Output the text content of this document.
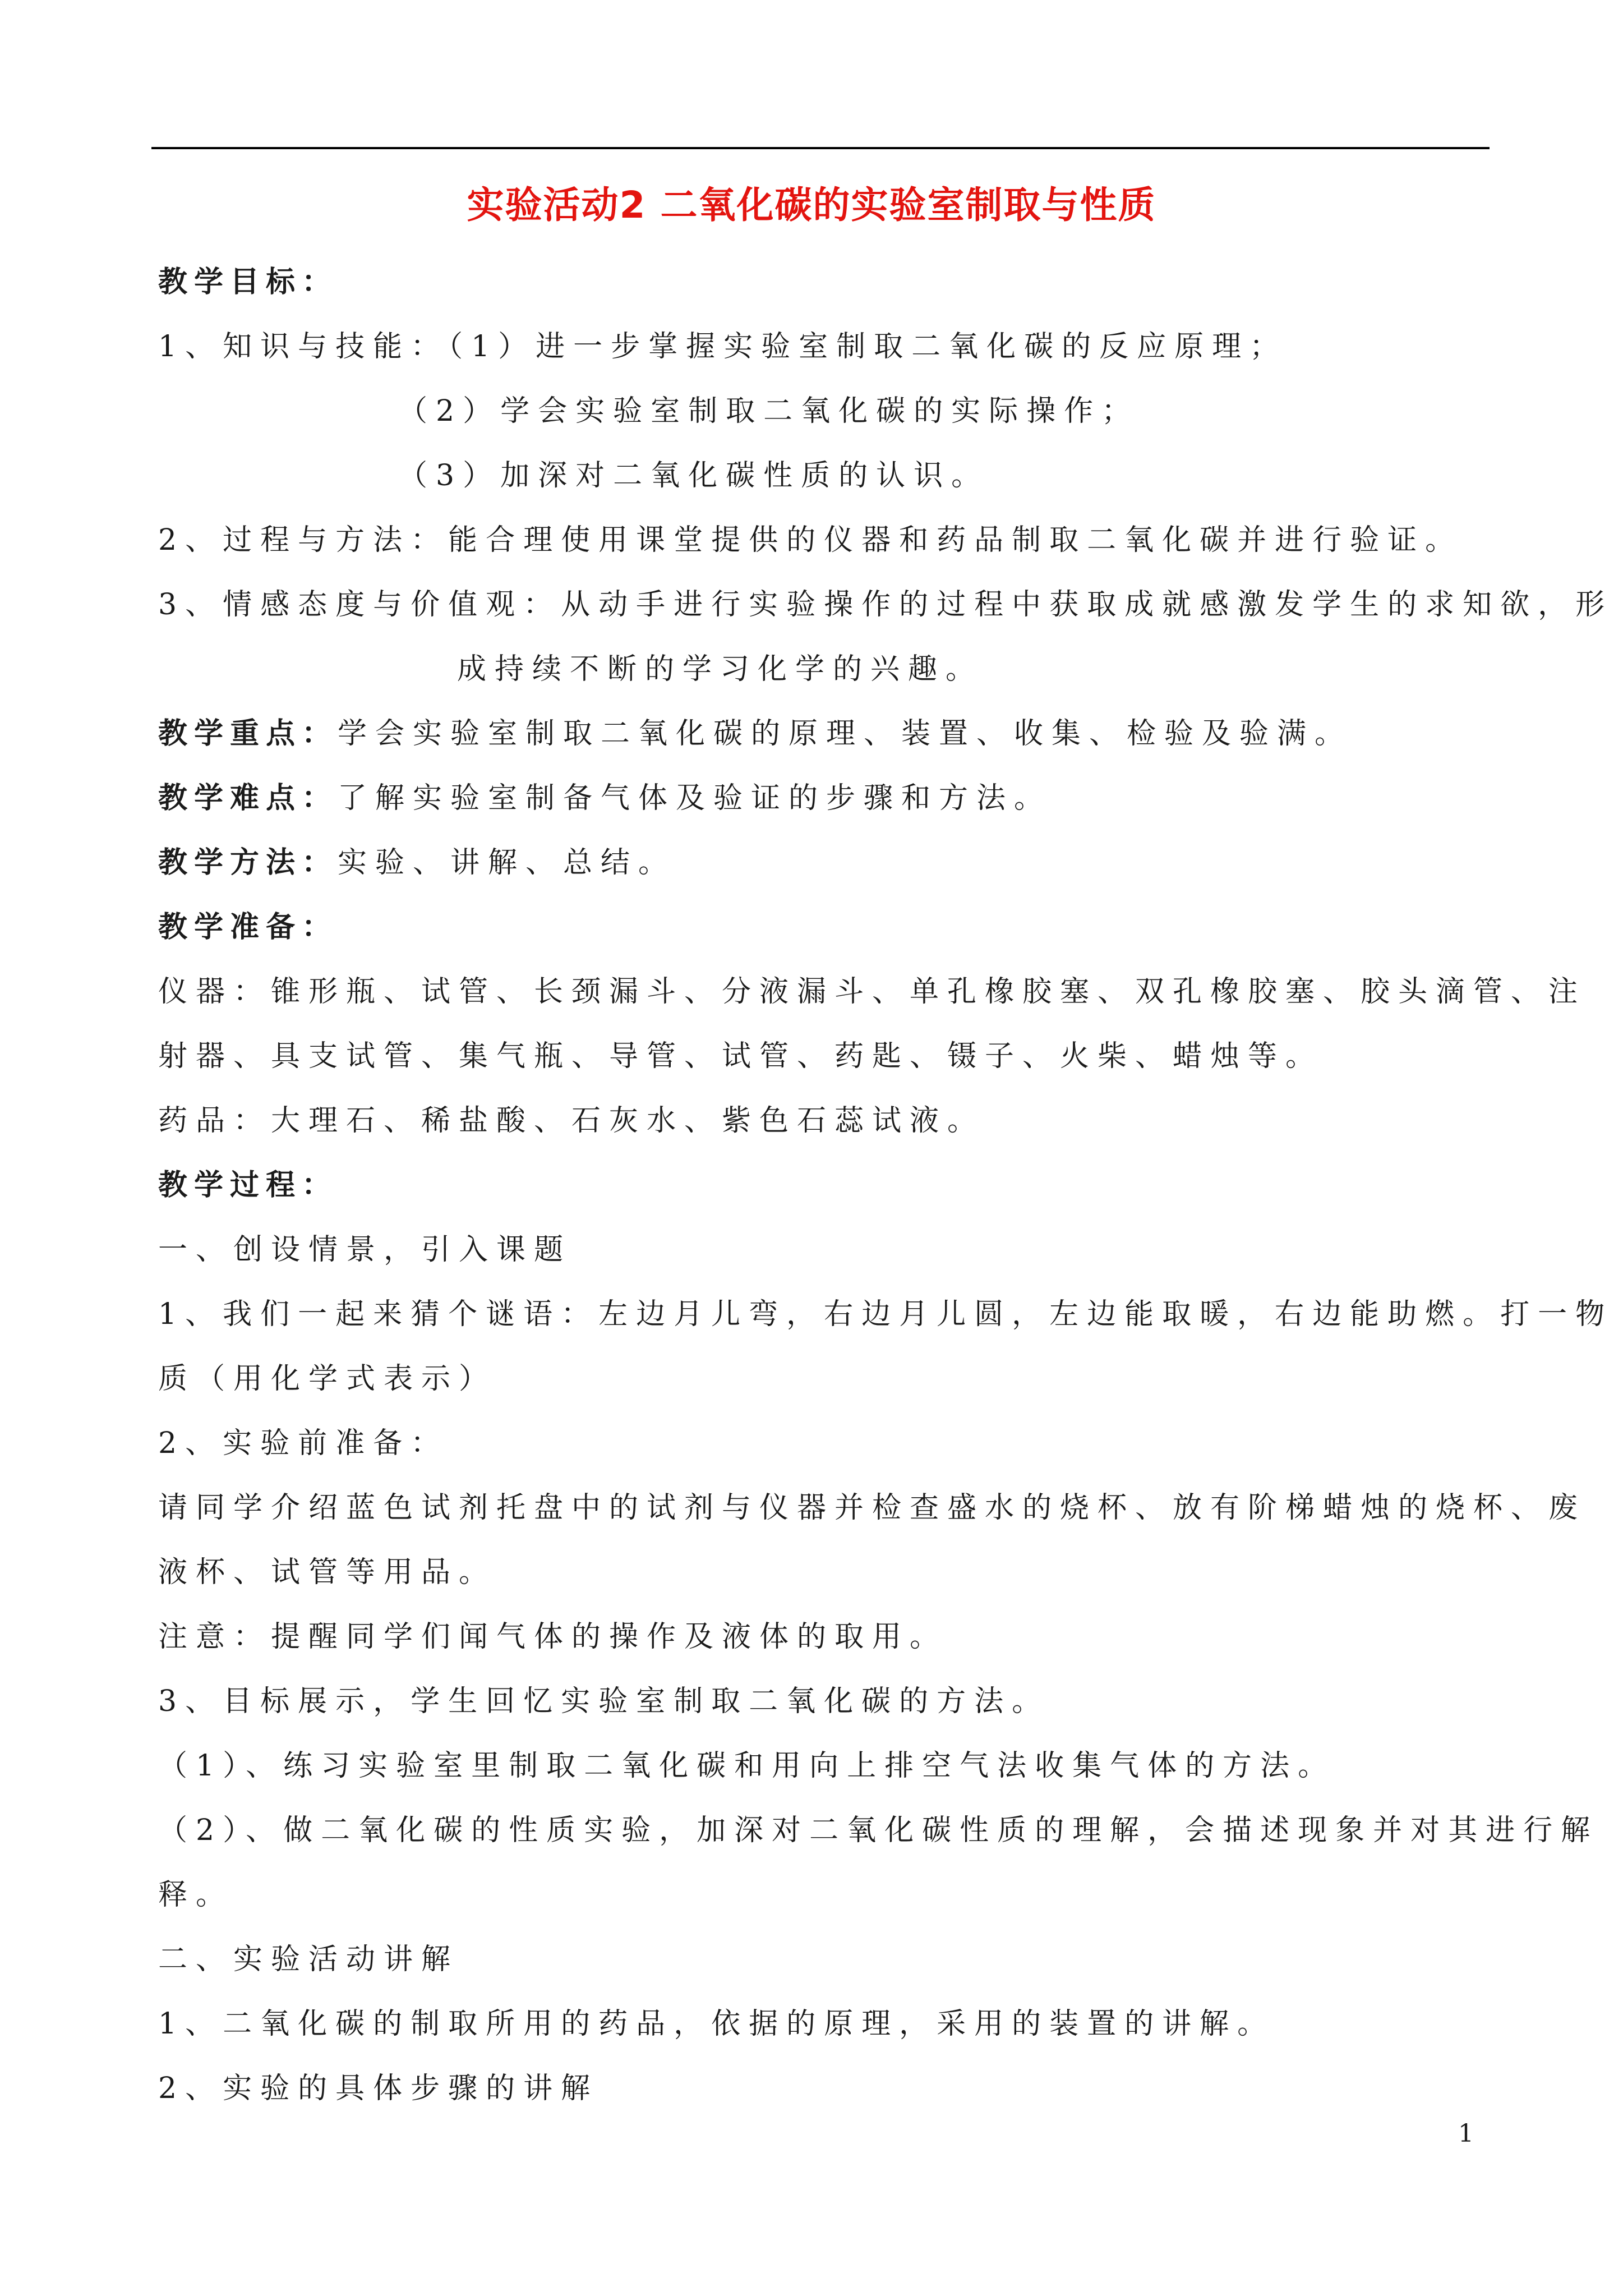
实验活动2 二氧化碳的实验室制取与性质
教学目标：
1、知识与技能：（1）进一步掌握实验室制取二氧化碳的反应原理；
（2）学会实验室制取二氧化碳的实际操作；
（3）加深对二氧化碳性质的认识。
2、过程与方法：能合理使用课堂提供的仪器和药品制取二氧化碳并进行验证。
3、情感态度与价值观：从动手进行实验操作的过程中获取成就感激发学生的求知欲，形
成持续不断的学习化学的兴趣。
教学重点：学会实验室制取二氧化碳的原理、装置、收集、检验及验满。
教学难点：了解实验室制备气体及验证的步骤和方法。
教学方法：实验、讲解、总结。
教学准备：
仪器：锥形瓶、试管、长颈漏斗、分液漏斗、单孔橡胶塞、双孔橡胶塞、胶头滴管、注
射器、具支试管、集气瓶、导管、试管、药匙、镊子、火柴、蜡烛等。
药品：大理石、稀盐酸、石灰水、紫色石蕊试液。
教学过程：
一、创设情景，引入课题
1、我们一起来猜个谜语：左边月儿弯，右边月儿圆，左边能取暖，右边能助燃。打一物
质（用化学式表示）
2、实验前准备：
请同学介绍蓝色试剂托盘中的试剂与仪器并检查盛水的烧杯、放有阶梯蜡烛的烧杯、废
液杯、试管等用品。
注意：提醒同学们闻气体的操作及液体的取用。
3、目标展示，学生回忆实验室制取二氧化碳的方法。
（1）、练习实验室里制取二氧化碳和用向上排空气法收集气体的方法。
（2）、做二氧化碳的性质实验，加深对二氧化碳性质的理解，会描述现象并对其进行解
释。
二、实验活动讲解
1、二氧化碳的制取所用的药品，依据的原理，采用的装置的讲解。
2、实验的具体步骤的讲解
1
